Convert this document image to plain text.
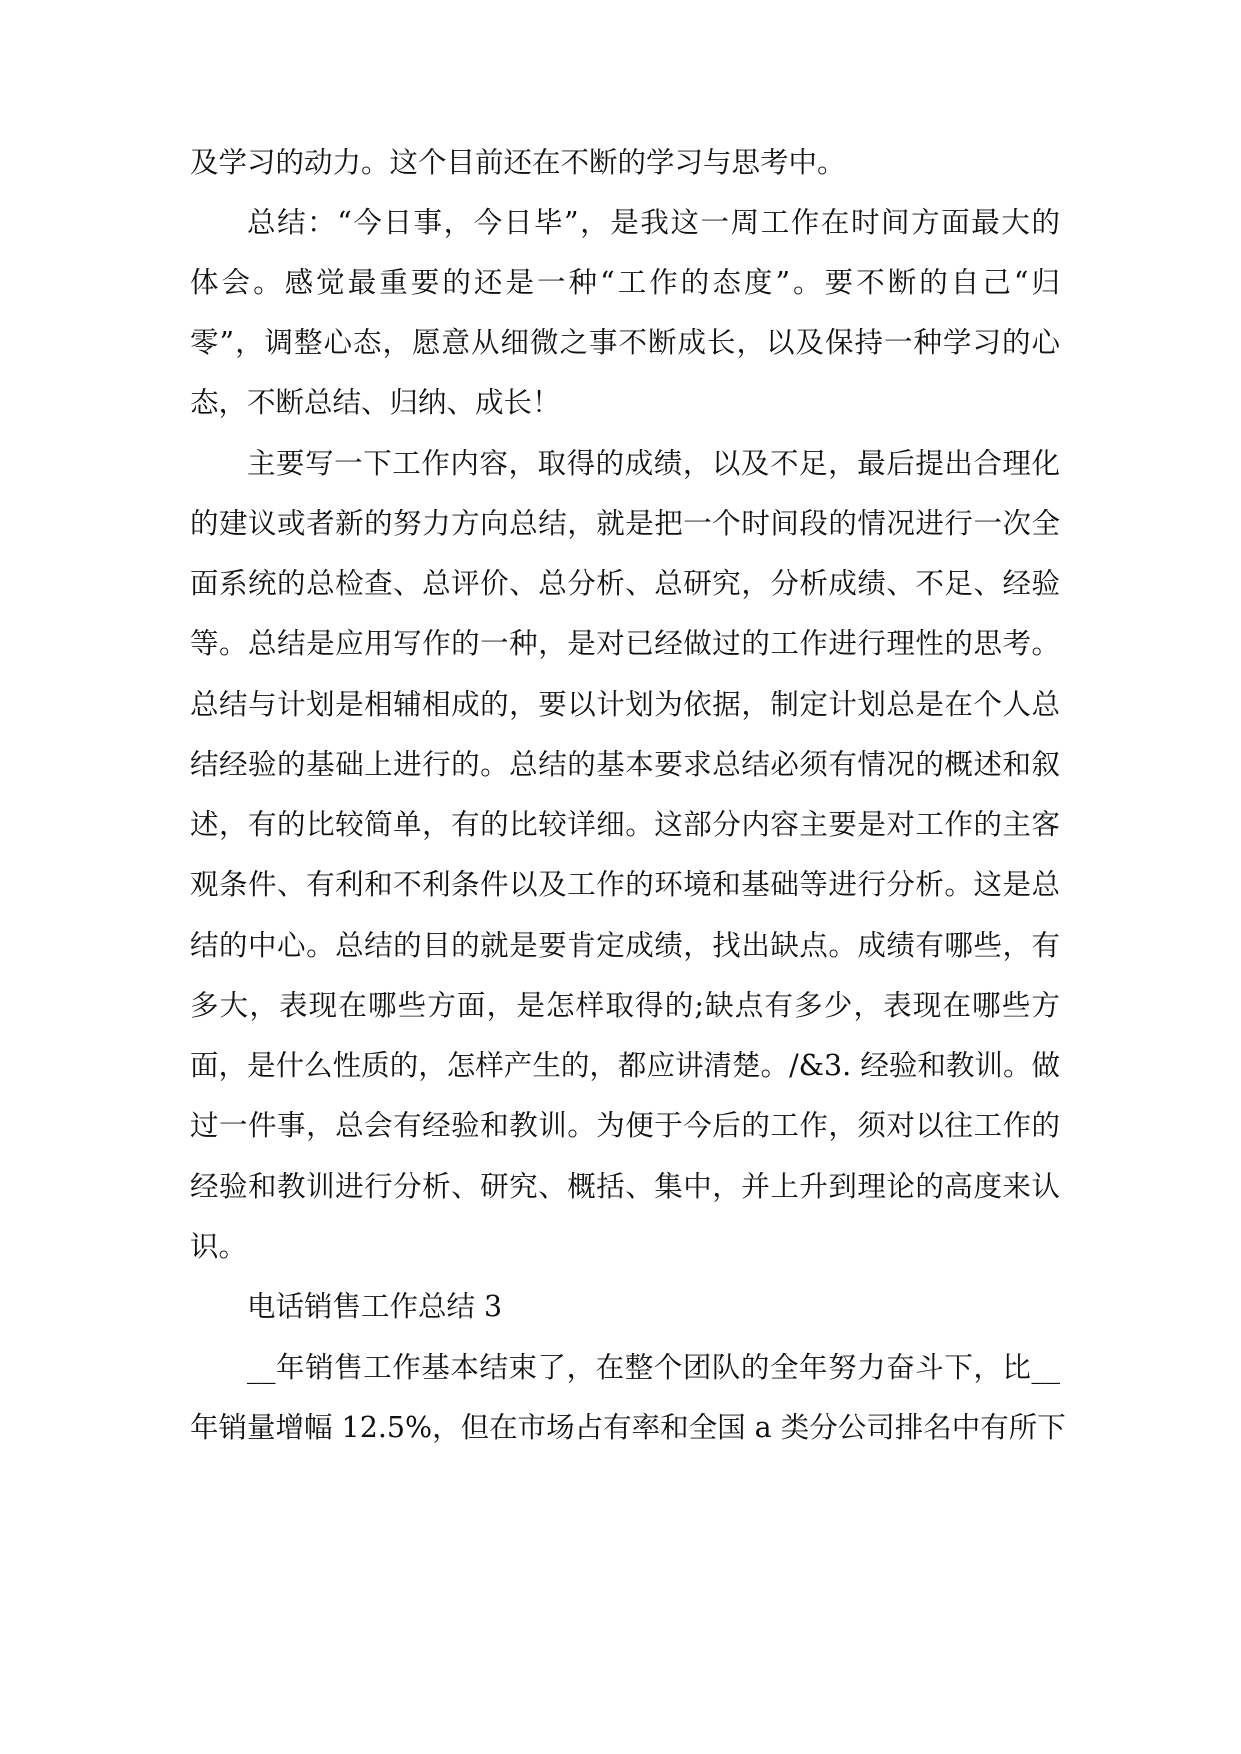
及学习的动力。这个目前还在不断的学习与思考中。
总结：“今日事，今日毕”，是我这一周工作在时间方面最大的
体会。感觉最重要的还是一种“工作的态度”。要不断的自己“归
零”，调整心态，愿意从细微之事不断成长，以及保持一种学习的心
态，不断总结、归纳、成长！
主要写一下工作内容，取得的成绩，以及不足，最后提出合理化
的建议或者新的努力方向总结，就是把一个时间段的情况进行一次全
面系统的总检查、总评价、总分析、总研究，分析成绩、不足、经验
等。总结是应用写作的一种，是对已经做过的工作进行理性的思考。
总结与计划是相辅相成的，要以计划为依据，制定计划总是在个人总
结经验的基础上进行的。总结的基本要求总结必须有情况的概述和叙
述，有的比较简单，有的比较详细。这部分内容主要是对工作的主客
观条件、有利和不利条件以及工作的环境和基础等进行分析。这是总
结的中心。总结的目的就是要肯定成绩，找出缺点。成绩有哪些，有
多大，表现在哪些方面，是怎样取得的;缺点有多少，表现在哪些方
面，是什么性质的，怎样产生的，都应讲清楚。/&3. 经验和教训。做
过一件事，总会有经验和教训。为便于今后的工作，须对以往工作的
经验和教训进行分析、研究、概括、集中，并上升到理论的高度来认
识。
电话销售工作总结 3
__年销售工作基本结束了，在整个团队的全年努力奋斗下，比__
年销量增幅 12.5%，但在市场占有率和全国 a 类分公司排名中有所下
